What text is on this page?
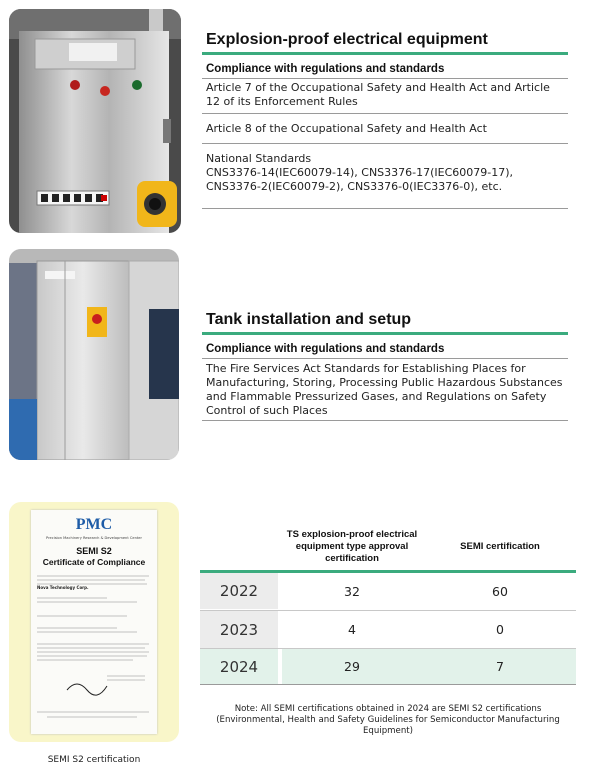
Explosion-proof electrical equipment
Compliance with regulations and standards
Article 7 of the Occupational Safety and Health Act and Article 12 of its Enforcement Rules
Article 8 of the Occupational Safety and Health Act
National Standards
CNS3376-14(IEC60079-14), CNS3376-17(IEC60079-17), CNS3376-2(IEC60079-2), CNS3376-0(IEC3376-0), etc.
Tank installation and setup
Compliance with regulations and standards
The Fire Services Act Standards for Establishing Places for Manufacturing, Storing, Processing Public Hazardous Substances and Flammable Pressurized Gases, and Regulations on Safety Control of such Places
PMC
Precision Machinery Research & Development Center
SEMI S2
Certificate of Compliance
Nova Technology Corp.
SEMI S2 certification
TS explosion-proof electrical equipment type approval certification
SEMI certification
2022	32	60
2023	4	0
2024	29	7
Note: All SEMI certifications obtained in 2024 are SEMI S2 certifications (Environmental, Health and Safety Guidelines for Semiconductor Manufacturing Equipment)
